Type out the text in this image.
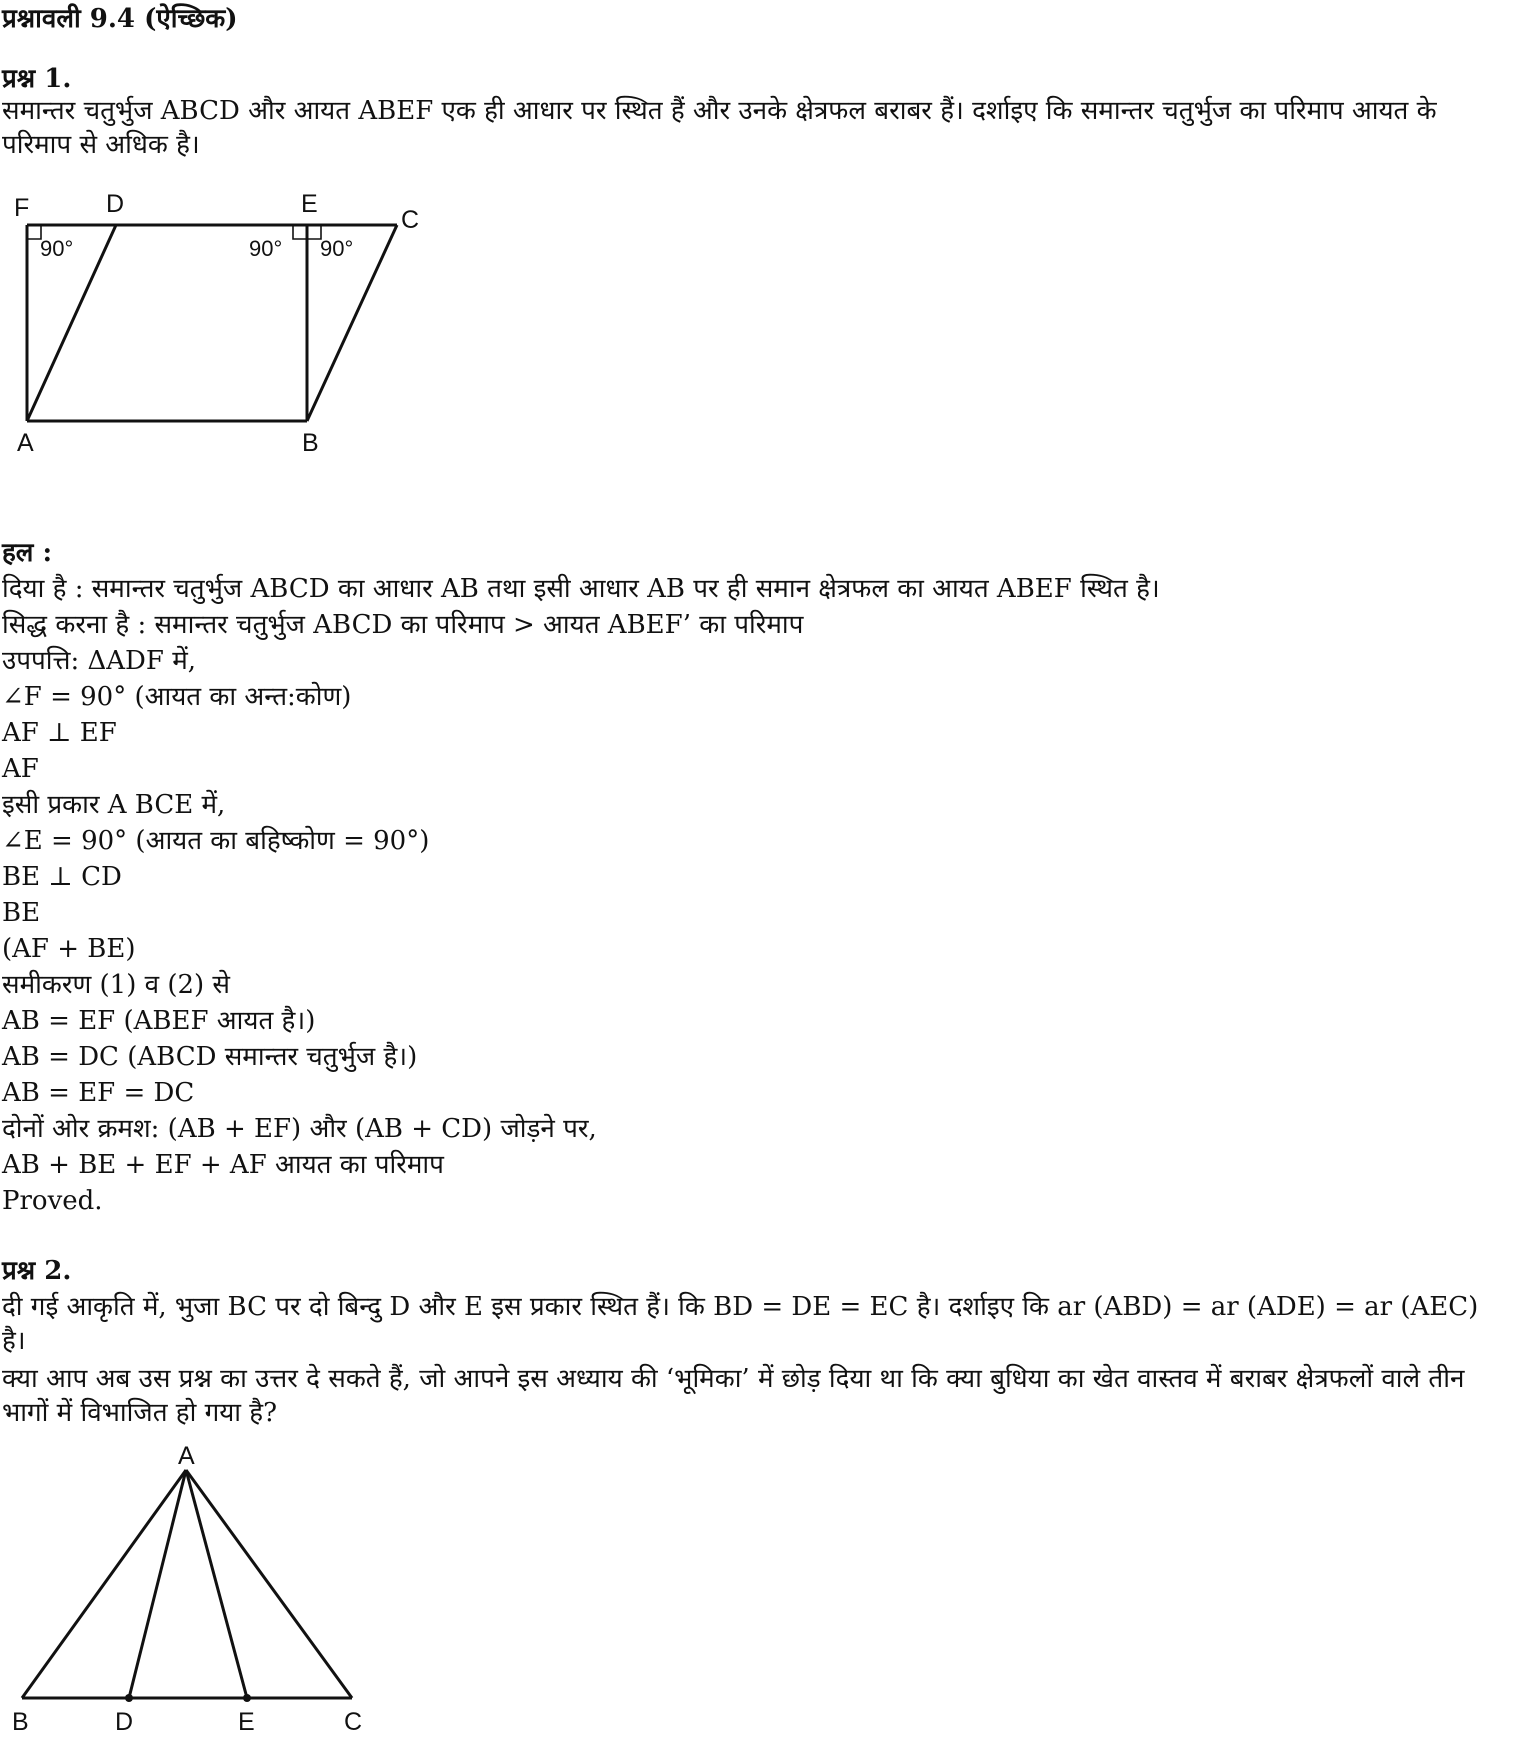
प्रश्नावली 9.4 (ऐच्छिक)
प्रश्न 1.
समान्तर चतुर्भुज ABCD और आयत ABEF एक ही आधार पर स्थित हैं और उनके क्षेत्रफल बराबर हैं। दर्शाइए कि समान्तर चतुर्भुज का परिमाप आयत के परिमाप से अधिक है।
F	D	E
C
A	B
90°	90° 90°
हल :
दिया है : समान्तर चतुर्भुज ABCD का आधार AB तथा इसी आधार AB पर ही समान क्षेत्रफल का आयत ABEF स्थित है।
सिद्ध करना है : समान्तर चतुर्भुज ABCD का परिमाप > आयत ABEF’ का परिमाप
उपपत्ति: ΔADF में,
∠F = 90° (आयत का अन्त:कोण)
AF ⊥ EF
AF
इसी प्रकार A BCE में,
∠E = 90° (आयत का बहिष्कोण = 90°)
BE ⊥ CD
BE
(AF + BE)
समीकरण (1) व (2) से
AB = EF (ABEF आयत है।)
AB = DC (ABCD समान्तर चतुर्भुज है।)
AB = EF = DC
दोनों ओर क्रमश: (AB + EF) और (AB + CD) जोड़ने पर,
AB + BE + EF + AF आयत का परिमाप
Proved.
प्रश्न 2.
दी गई आकृति में, भुजा BC पर दो बिन्दु D और E इस प्रकार स्थित हैं। कि BD = DE = EC है। दर्शाइए कि ar (ABD) = ar (ADE) = ar (AEC) है।
क्या आप अब उस प्रश्न का उत्तर दे सकते हैं, जो आपने इस अध्याय की ‘भूमिका’ में छोड़ दिया था कि क्या बुधिया का खेत वास्तव में बराबर क्षेत्रफलों वाले तीन भागों में विभाजित हो गया है?
A
B	D	E	C
